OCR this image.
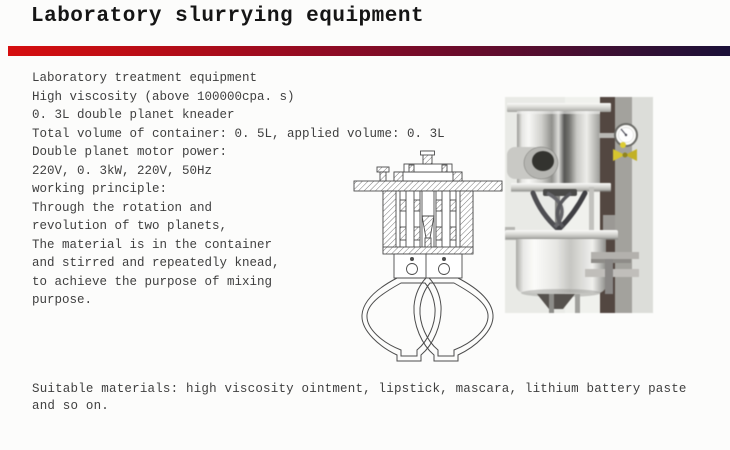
Laboratory slurrying equipment
Laboratory treatment equipment
High viscosity (above 100000cpa. s)
0. 3L double planet kneader
Total volume of container: 0. 5L, applied volume: 0. 3L
Double planet motor power:
220V, 0. 3kW, 220V, 50Hz
working principle:
Through the rotation and
revolution of two planets,
The material is in the container
and stirred and repeatedly knead,
to achieve the purpose of mixing
purpose.
Suitable materials: high viscosity ointment, lipstick, mascara, lithium battery paste
and so on.
